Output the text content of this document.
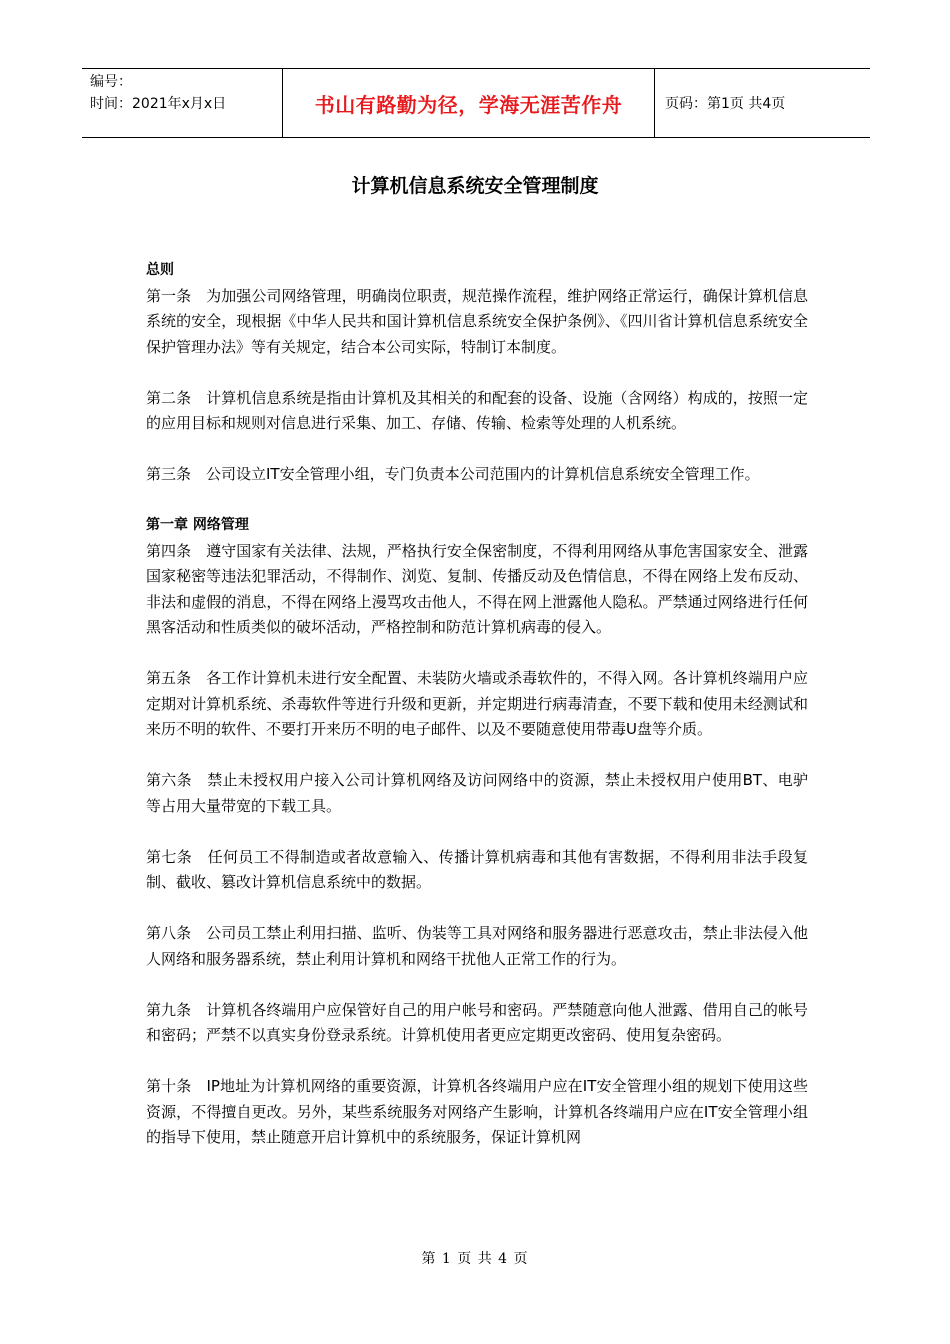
编号：
时间：2021年x月x日	书山有路勤为径，学海无涯苦作舟	页码：第1页 共4页
计算机信息系统安全管理制度

总则

第一条　为加强公司网络管理，明确岗位职责，规范操作流程，维护网络正常运行，确保计算机信息系统的安全，现根据《中华人民共和国计算机信息系统安全保护条例》、《四川省计算机信息系统安全保护管理办法》等有关规定，结合本公司实际，特制订本制度。

第二条　计算机信息系统是指由计算机及其相关的和配套的设备、设施（含网络）构成的，按照一定的应用目标和规则对信息进行采集、加工、存储、传输、检索等处理的人机系统。

第三条　公司设立IT安全管理小组，专门负责本公司范围内的计算机信息系统安全管理工作。

第一章 网络管理

第四条　遵守国家有关法律、法规，严格执行安全保密制度，不得利用网络从事危害国家安全、泄露国家秘密等违法犯罪活动，不得制作、浏览、复制、传播反动及色情信息，不得在网络上发布反动、非法和虚假的消息，不得在网络上漫骂攻击他人，不得在网上泄露他人隐私。严禁通过网络进行任何黑客活动和性质类似的破坏活动，严格控制和防范计算机病毒的侵入。

第五条　各工作计算机未进行安全配置、未装防火墙或杀毒软件的，不得入网。各计算机终端用户应定期对计算机系统、杀毒软件等进行升级和更新，并定期进行病毒清查，不要下载和使用未经测试和来历不明的软件、不要打开来历不明的电子邮件、以及不要随意使用带毒U盘等介质。

第六条　禁止未授权用户接入公司计算机网络及访问网络中的资源，禁止未授权用户使用BT、电驴等占用大量带宽的下载工具。

第七条　任何员工不得制造或者故意输入、传播计算机病毒和其他有害数据，不得利用非法手段复制、截收、篡改计算机信息系统中的数据。

第八条　公司员工禁止利用扫描、监听、伪装等工具对网络和服务器进行恶意攻击，禁止非法侵入他人网络和服务器系统，禁止利用计算机和网络干扰他人正常工作的行为。

第九条　计算机各终端用户应保管好自己的用户帐号和密码。严禁随意向他人泄露、借用自己的帐号和密码；严禁不以真实身份登录系统。计算机使用者更应定期更改密码、使用复杂密码。

第十条　IP地址为计算机网络的重要资源，计算机各终端用户应在IT安全管理小组的规划下使用这些资源，不得擅自更改。另外，某些系统服务对网络产生影响，计算机各终端用户应在IT安全管理小组的指导下使用，禁止随意开启计算机中的系统服务，保证计算机网

第 1 页 共 4 页
